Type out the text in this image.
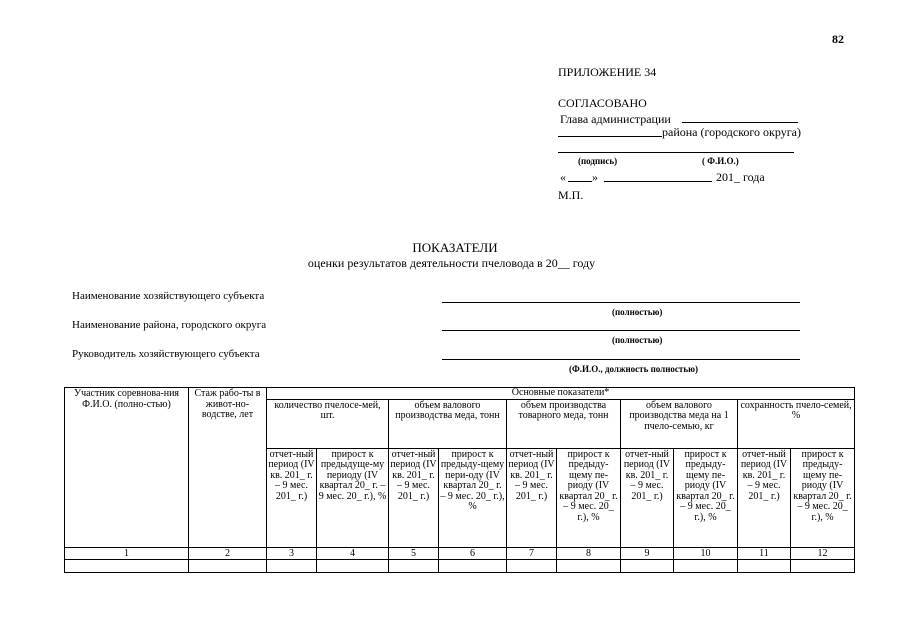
82
ПРИЛОЖЕНИЕ 34
СОГЛАСОВАНО
Глава администрации
района (городского округа)
(подпись)	( Ф.И.О.)
« »	201_ года
М.П.
ПОКАЗАТЕЛИ
оценки результатов деятельности пчеловода в 20__ году
Наименование хозяйствующего субъекта
(полностью)
Наименование района, городского округа
(полностью)
Руководитель хозяйствующего субъекта
(Ф.И.О., должность полностью)
Участник соревнова-ния Ф.И.О. (полно-стью)	Стаж рабо-ты в живот-но-водстве, лет	Основные показатели*									
		количество пчелосе-мей, шт.		объем валового производства меда, тонн		объем производства товарного меда, тонн		объем валового производства меда на 1 пчело-семью, кг		сохранность пчело-семей, %	
		отчет-ный период (IV кв. 201_ г. – 9 мес. 201_ г.)	прирост к предыдуще-му периоду (IV квартал 20_ г. – 9 мес. 20_ г.), %	отчет-ный период (IV кв. 201_ г. – 9 мес. 201_ г.)	прирост к предыду-щему пери-оду (IV квартал 20_ г. – 9 мес. 20_ г.), %	отчет-ный период (IV кв. 201_ г. – 9 мес. 201_ г.)	прирост к предыду-щему пе-риоду (IV квартал 20_ г. – 9 мес. 20_ г.), %	отчет-ный период (IV кв. 201_ г. – 9 мес. 201_ г.)	прирост к предыду-щему пе-риоду (IV квартал 20_ г. – 9 мес. 20_ г.), %	отчет-ный период (IV кв. 201_ г. – 9 мес. 201_ г.)	прирост к предыду-щему пе-риоду (IV квартал 20_ г. – 9 мес. 20_ г.), %
1	2	3	4	5	6	7	8	9	10	11	12
